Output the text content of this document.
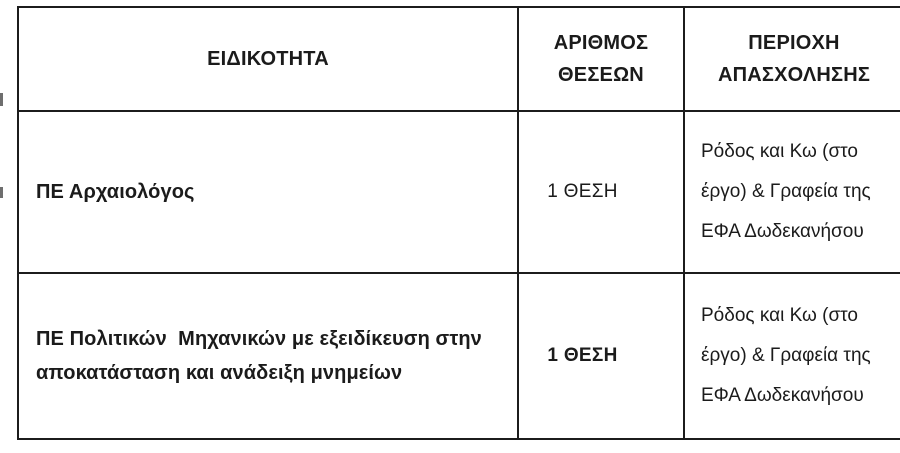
ΕΙΔΙΚΟΤΗΤΑ	ΑΡΙΘΜΟΣ ΘΕΣΕΩΝ	ΠΕΡΙΟΧΗ ΑΠΑΣΧΟΛΗΣΗΣ
ΠΕ Αρχαιολόγος	1 ΘΕΣΗ	Ρόδος και Κω (στο έργο) & Γραφεία της ΕΦΑ Δωδεκανήσου
ΠΕ Πολιτικών  Μηχανικών με εξειδίκευση στην αποκατάσταση και ανάδειξη μνημείων	1 ΘΕΣΗ	Ρόδος και Κω (στο έργο) & Γραφεία της ΕΦΑ Δωδεκανήσου
